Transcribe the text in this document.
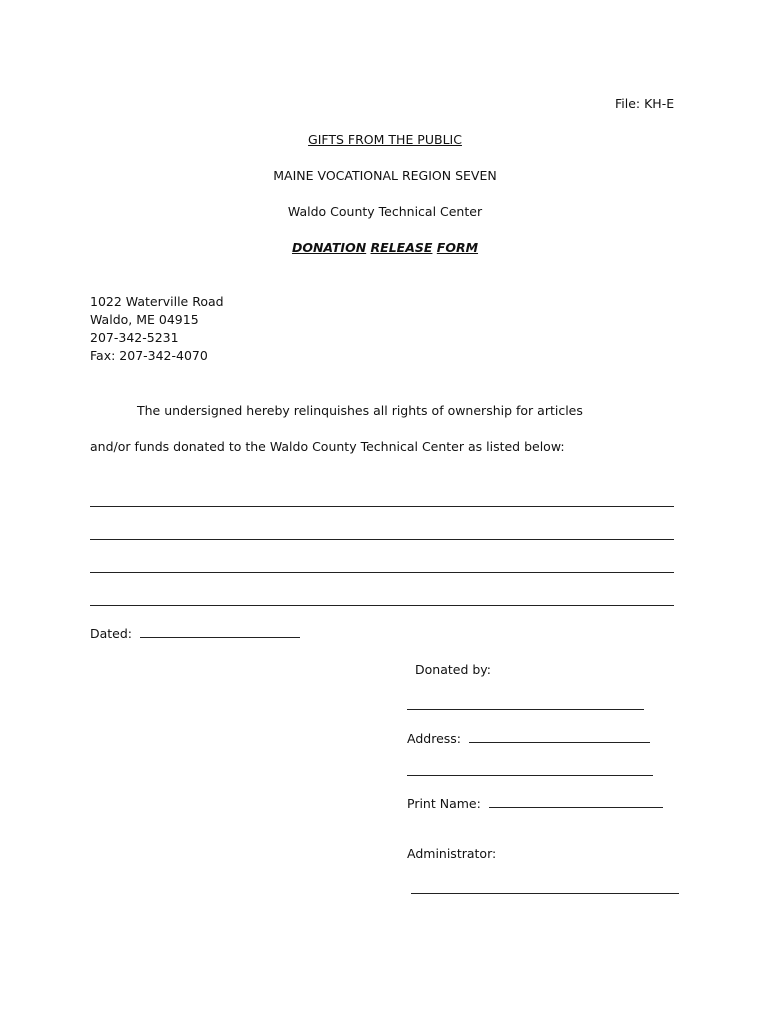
File: KH-E
GIFTS FROM THE PUBLIC
MAINE VOCATIONAL REGION SEVEN
Waldo County Technical Center
DONATION RELEASE FORM
1022 Waterville Road
Waldo, ME 04915
207-342-5231
Fax: 207-342-4070
The undersigned hereby relinquishes all rights of ownership for articles
and/or funds donated to the Waldo County Technical Center as listed below:
Dated:
Donated by:
Address:
Print Name:
Administrator:
